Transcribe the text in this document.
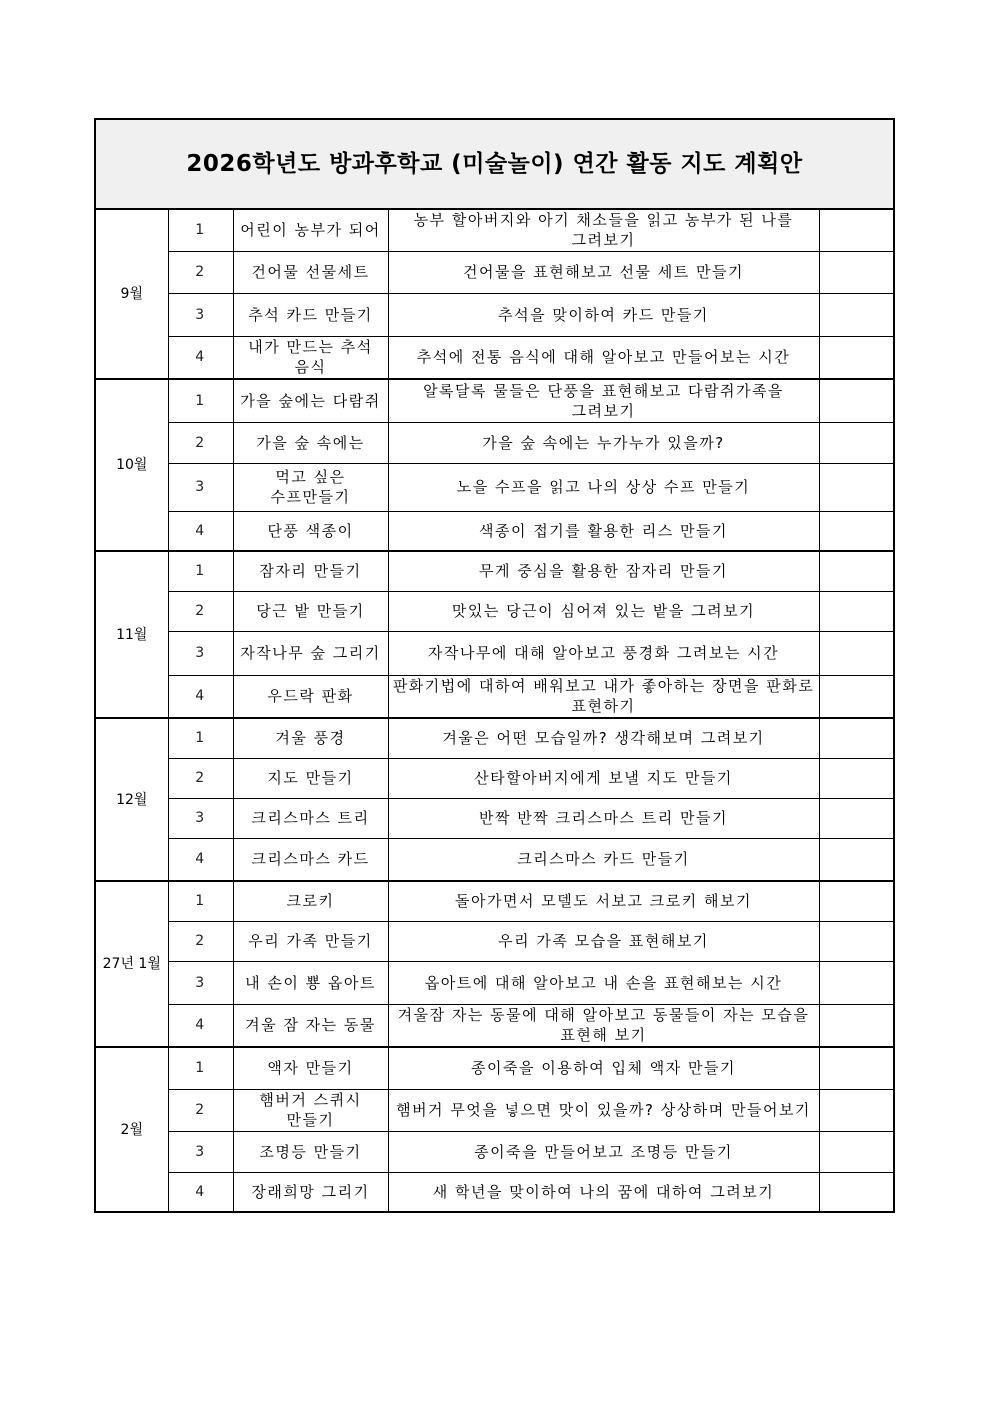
2026학년도 방과후학교 (미술놀이) 연간 활동 지도 계획안				
9월	1	어린이 농부가 되어	농부 할아버지와 아기 채소들을 읽고 농부가 된 나를 그려보기	
	2	건어물 선물세트	건어물을 표현해보고 선물 세트 만들기	
	3	추석 카드 만들기	추석을 맞이하여 카드 만들기	
	4	내가 만드는 추석 음식	추석에 전통 음식에 대해 알아보고 만들어보는 시간	
10월	1	가을 숲에는 다람쥐	알록달록 물들은 단풍을 표현해보고 다람쥐가족을 그려보기	
	2	가을 숲 속에는	가을 숲 속에는 누가누가 있을까?	
	3	먹고 싶은 수프만들기	노을 수프을 읽고 나의 상상 수프 만들기	
	4	단풍 색종이	색종이 접기를 활용한 리스 만들기	
11월	1	잠자리 만들기	무게 중심을 활용한 잠자리 만들기	
	2	당근 밭 만들기	맛있는 당근이 심어져 있는 밭을 그려보기	
	3	자작나무 숲 그리기	자작나무에 대해 알아보고 풍경화 그려보는 시간	
	4	우드락 판화	판화기법에 대하여 배워보고 내가 좋아하는 장면을 판화로 표현하기	
12월	1	겨울 풍경	겨울은 어떤 모습일까? 생각해보며 그려보기	
	2	지도 만들기	산타할아버지에게 보낼 지도 만들기	
	3	크리스마스 트리	반짝 반짝 크리스마스 트리 만들기	
	4	크리스마스 카드	크리스마스 카드 만들기	
27년 1월	1	크로키	돌아가면서 모델도 서보고 크로키 해보기	
	2	우리 가족 만들기	우리 가족 모습을 표현해보기	
	3	내 손이 뿅 옵아트	옵아트에 대해 알아보고 내 손을 표현해보는 시간	
	4	겨울 잠 자는 동물	겨울잠 자는 동물에 대해 알아보고 동물들이 자는 모습을 표현해 보기	
2월	1	액자 만들기	종이죽을 이용하여 입체 액자 만들기	
	2	햄버거 스퀴시 만들기	햄버거 무엇을 넣으면 맛이 있을까? 상상하며 만들어보기	
	3	조명등 만들기	종이죽을 만들어보고 조명등 만들기	
	4	장래희망 그리기	새 학년을 맞이하여 나의 꿈에 대하여 그려보기	
